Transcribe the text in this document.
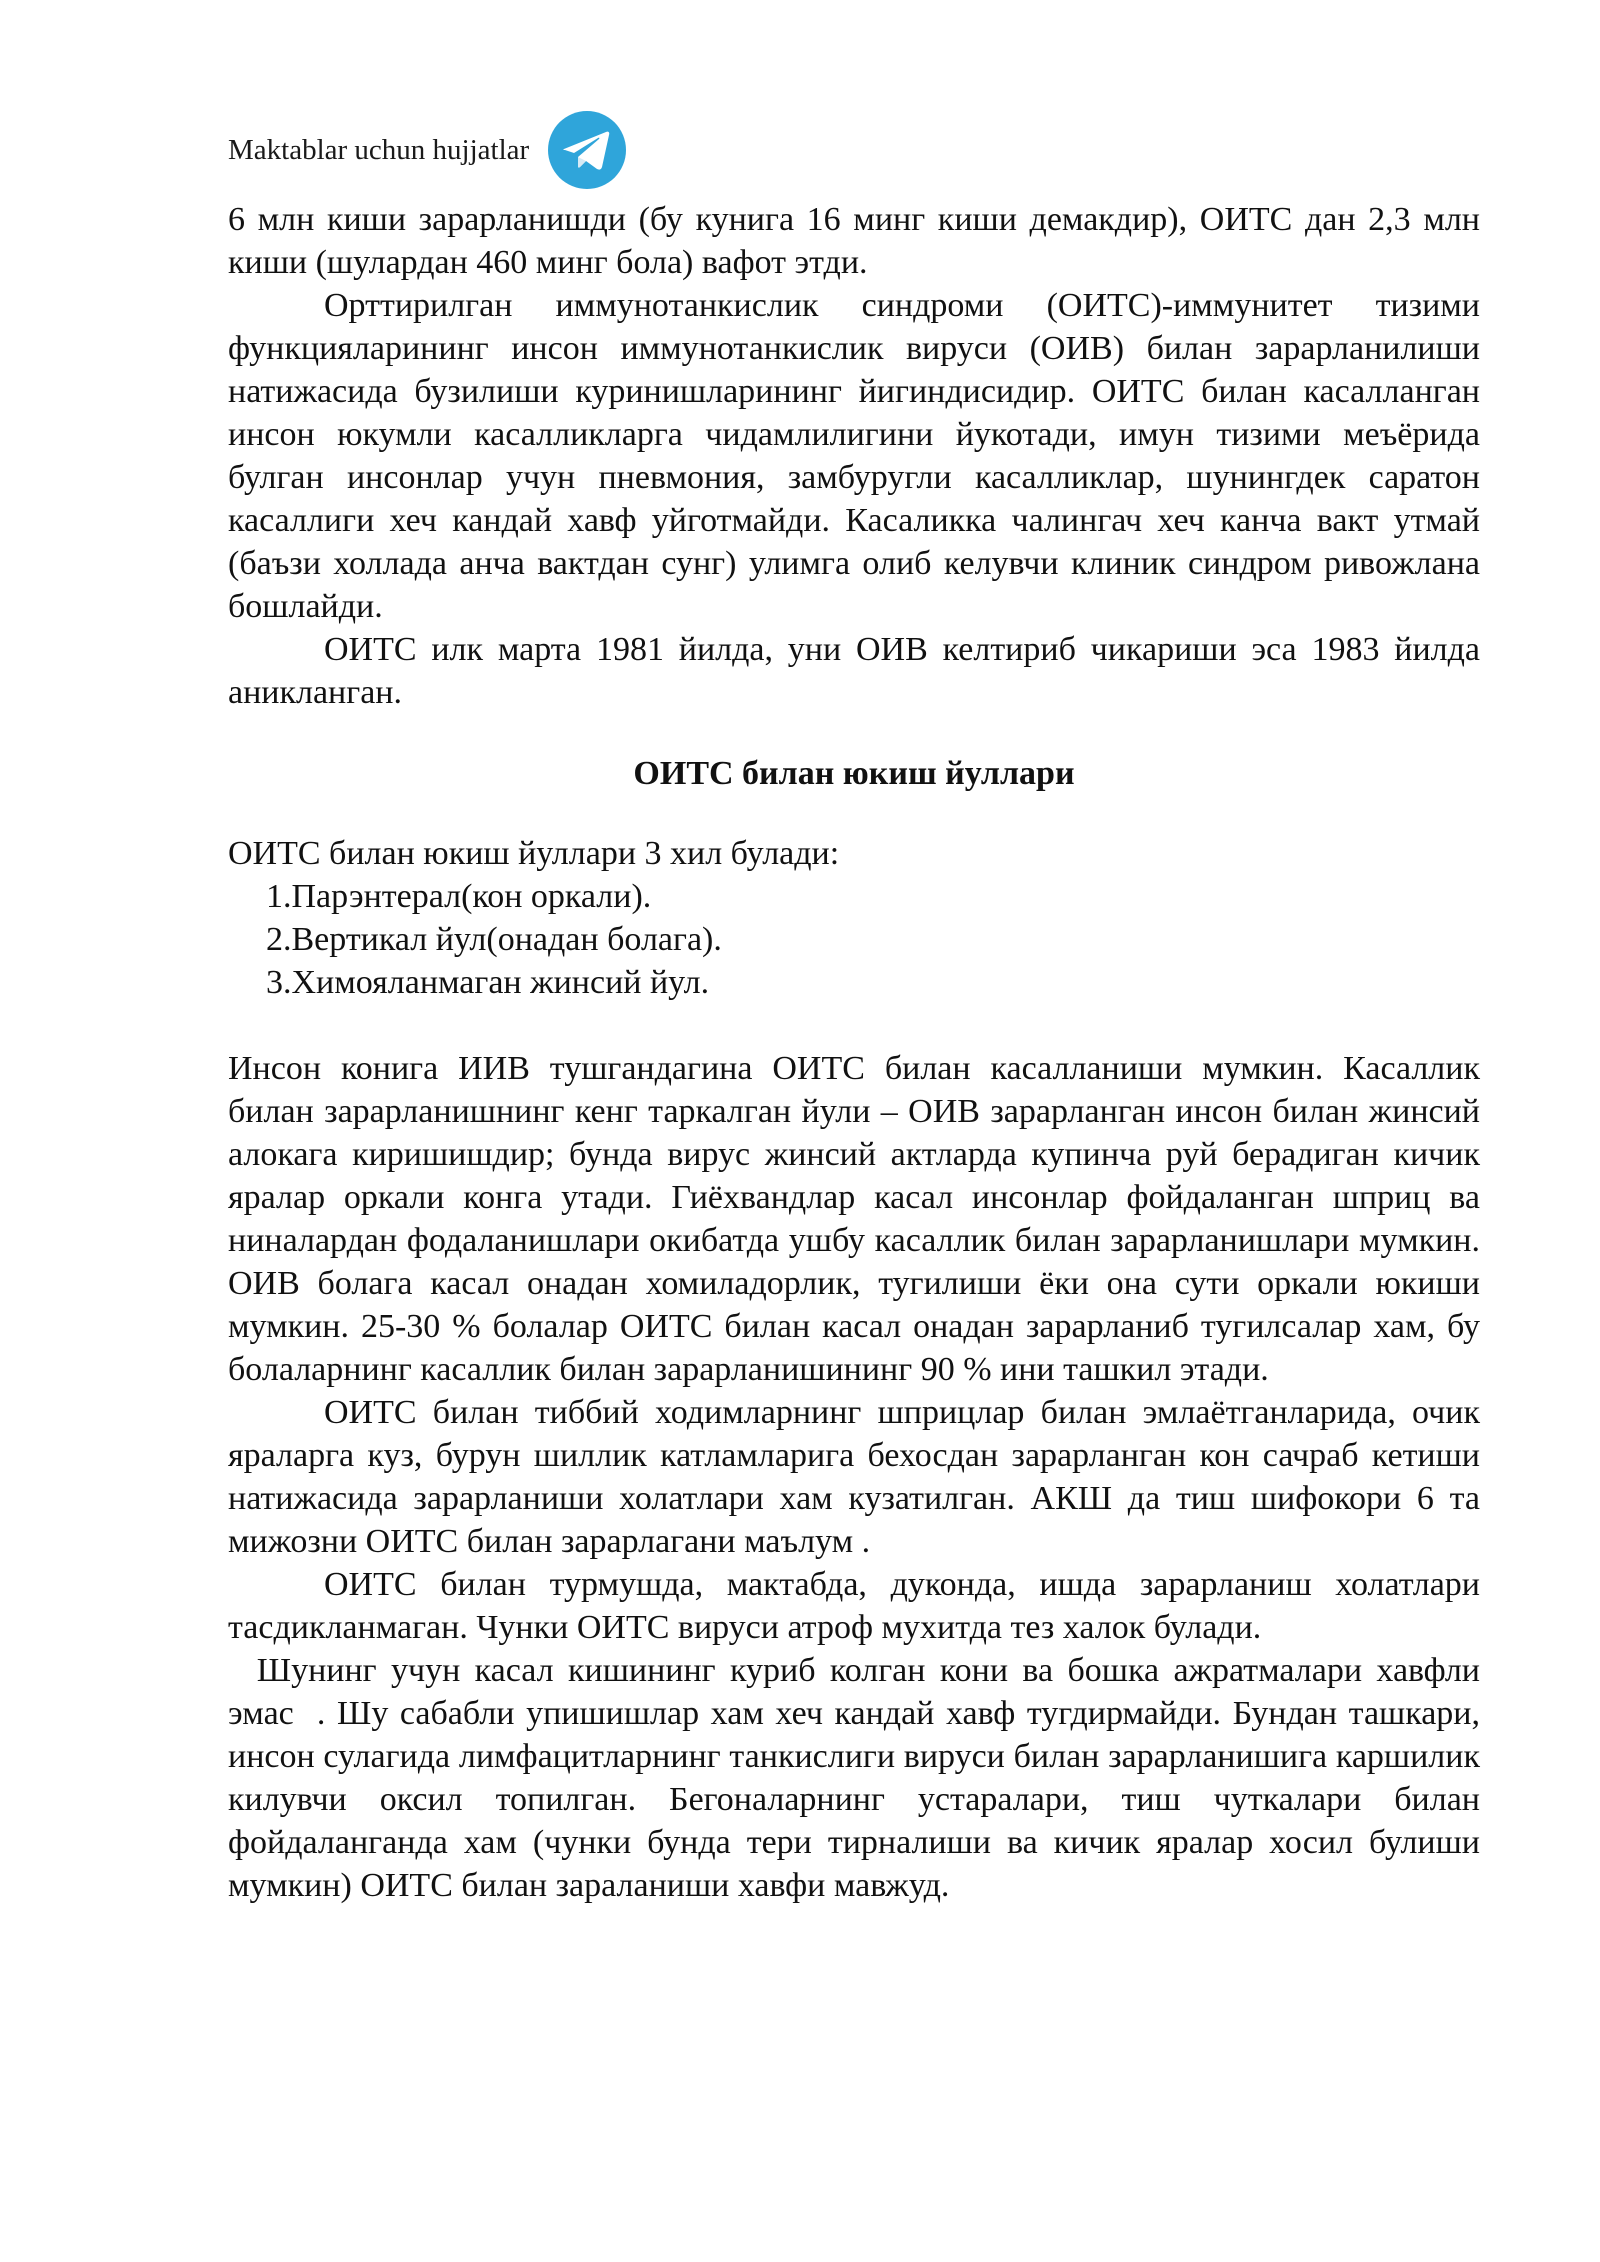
Maktablar uchun hujjatlar

6 млн киши зарарланишди (бу кунига 16 минг киши демакдир), ОИТС дан 2,3 млн киши (шулардан 460 минг бола) вафот этди.

Орттирилган иммунотанкислик синдроми (ОИТС)-иммунитет тизими функцияларининг инсон иммунотанкислик вируси (ОИВ) билан зарарланилиши натижасида бузилиши куринишларининг йигиндисидир. ОИТС билан касалланган инсон юкумли касалликларга чидамлилигини йукотади, имун тизими меъёрида булган инсонлар учун пневмония, замбуругли касалликлар, шунингдек саратон касаллиги хеч кандай хавф уйготмайди. Касаликка чалингач хеч канча вакт утмай (баъзи холлада анча вактдан сунг) улимга олиб келувчи клиник синдром ривожлана бошлайди.

ОИТС илк марта 1981 йилда, уни ОИВ келтириб чикариши эса 1983 йилда аникланган.

ОИТС билан юкиш йуллари

ОИТС билан юкиш йуллари 3 хил булади:

1.Парэнтерал(кон оркали).
2.Вертикал йул(онадан болага).
3.Химояланмаган жинсий йул.

Инсон конига ИИВ тушгандагина ОИТС билан касалланиши мумкин. Касаллик билан зарарланишнинг кенг таркалган йули – ОИВ зарарланган инсон билан жинсий алокага киришишдир; бунда вирус жинсий актларда купинча руй берадиган кичик яралар оркали конга утади. Гиёхвандлар касал инсонлар фойдаланган шприц ва ниналардан фодаланишлари окибатда ушбу касаллик билан зарарланишлари мумкин. ОИВ болага касал онадан хомиладорлик, тугилиши ёки она сути оркали юкиши мумкин. 25-30 % болалар ОИТС билан касал онадан зарарланиб тугилсалар хам, бу болаларнинг касаллик билан зарарланишининг 90 % ини ташкил этади.

ОИТС билан тиббий ходимларнинг шприцлар билан эмлаётганларида, очик яраларга куз, бурун шиллик катламларига бехосдан зарарланган кон сачраб кетиши натижасида зарарланиши холатлари хам кузатилган. АКШ да тиш шифокори 6 та мижозни ОИТС билан зарарлагани маълум .

ОИТС билан турмушда, мактабда, дуконда, ишда зарарланиш холатлари тасдикланмаган. Чунки ОИТС вируси атроф мухитда тез халок булади.

Шунинг учун касал кишининг куриб колган кони ва бошка ажратмалари хавфли эмас  . Шу сабабли упишишлар хам хеч кандай хавф тугдирмайди. Бундан ташкари, инсон сулагида лимфацитларнинг танкислиги вируси билан зарарланишига каршилик килувчи оксил топилган. Бегоналарнинг устаралари, тиш чуткалари билан фойдаланганда хам (чунки бунда тери тирналиши ва кичик яралар хосил булиши мумкин) ОИТС билан зараланиши хавфи мавжуд.
